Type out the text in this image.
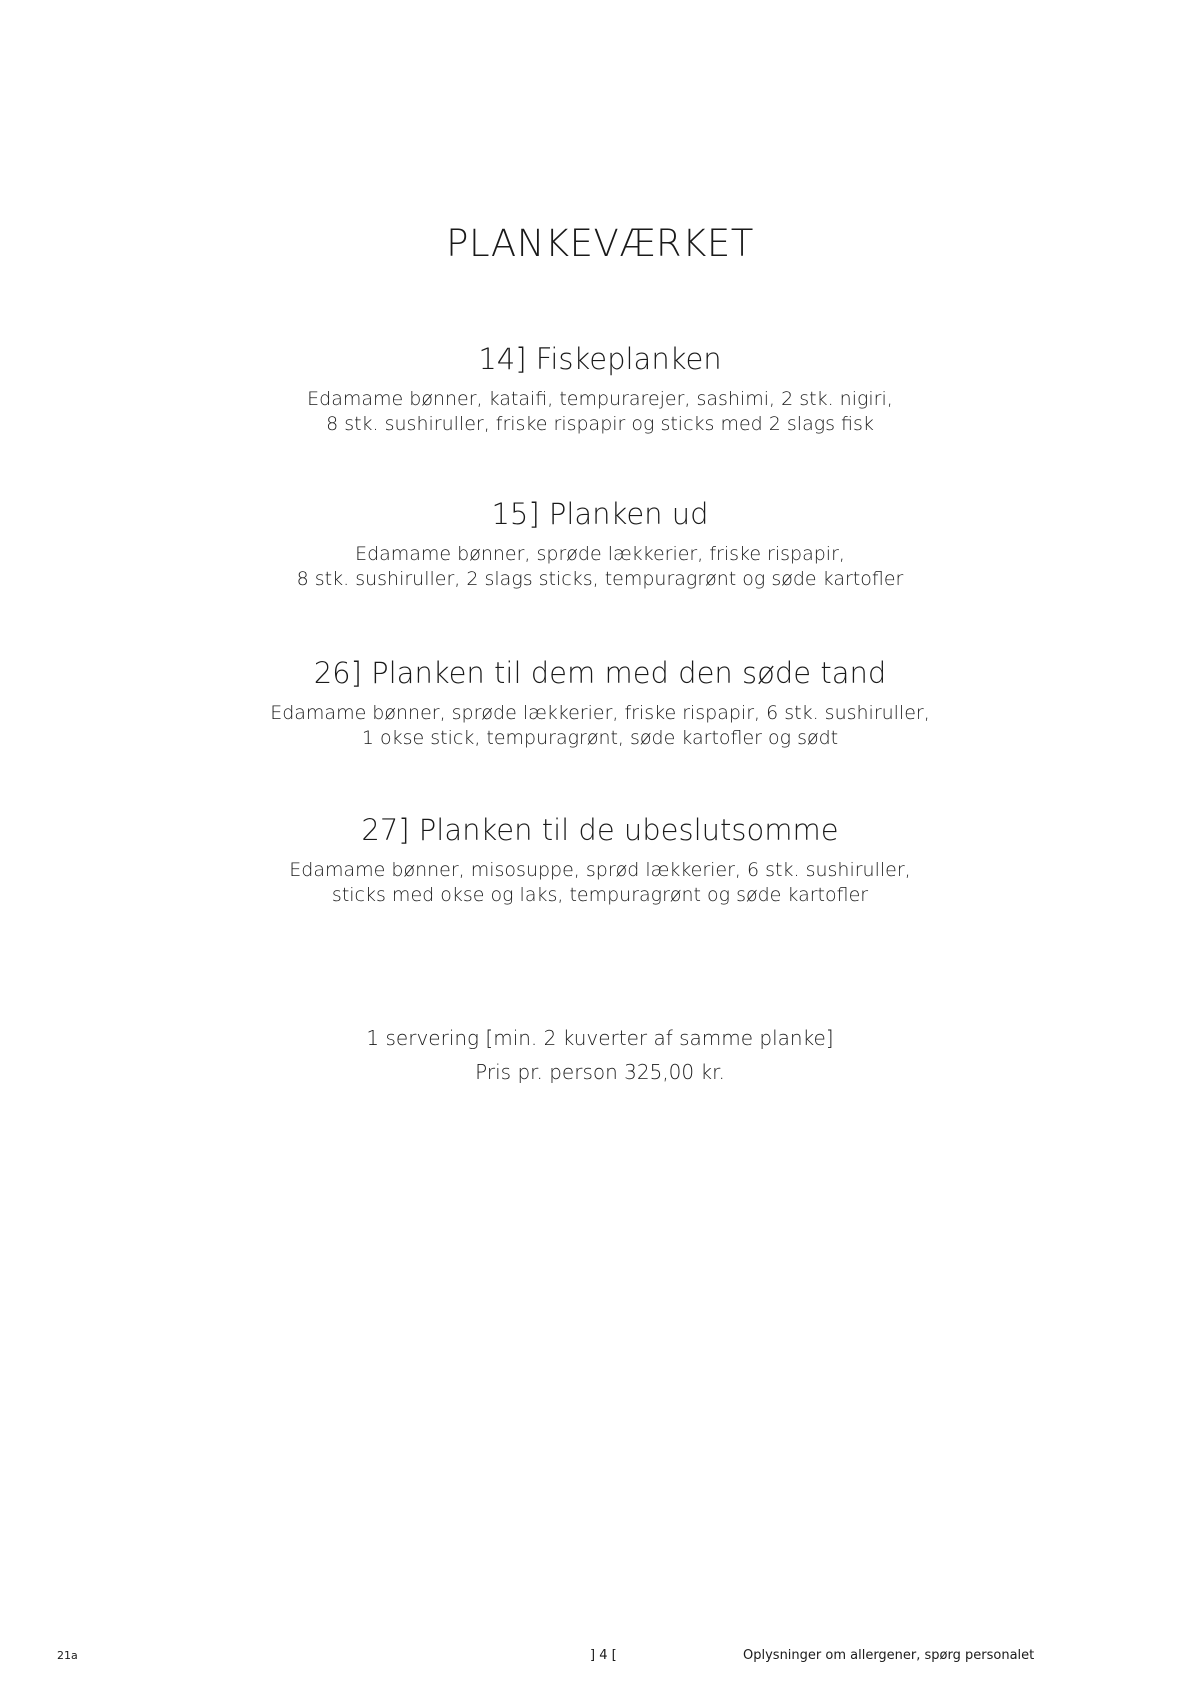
PLANKEVÆRKET
14] Fiskeplanken
Edamame bønner, kataifi, tempurarejer, sashimi, 2 stk. nigiri,
8 stk. sushiruller, friske rispapir og sticks med 2 slags fisk
15] Planken ud
Edamame bønner, sprøde lækkerier, friske rispapir,
8 stk. sushiruller, 2 slags sticks, tempuragrønt og søde kartofler
26] Planken til dem med den søde tand
Edamame bønner, sprøde lækkerier, friske rispapir, 6 stk. sushiruller,
1 okse stick, tempuragrønt, søde kartofler og sødt
27] Planken til de ubeslutsomme
Edamame bønner, misosuppe, sprød lækkerier, 6 stk. sushiruller,
sticks med okse og laks, tempuragrønt og søde kartofler
1 servering [min. 2 kuverter af samme planke]
Pris pr. person 325,00 kr.
21a	] 4 [	Oplysninger om allergener, spørg personalet
